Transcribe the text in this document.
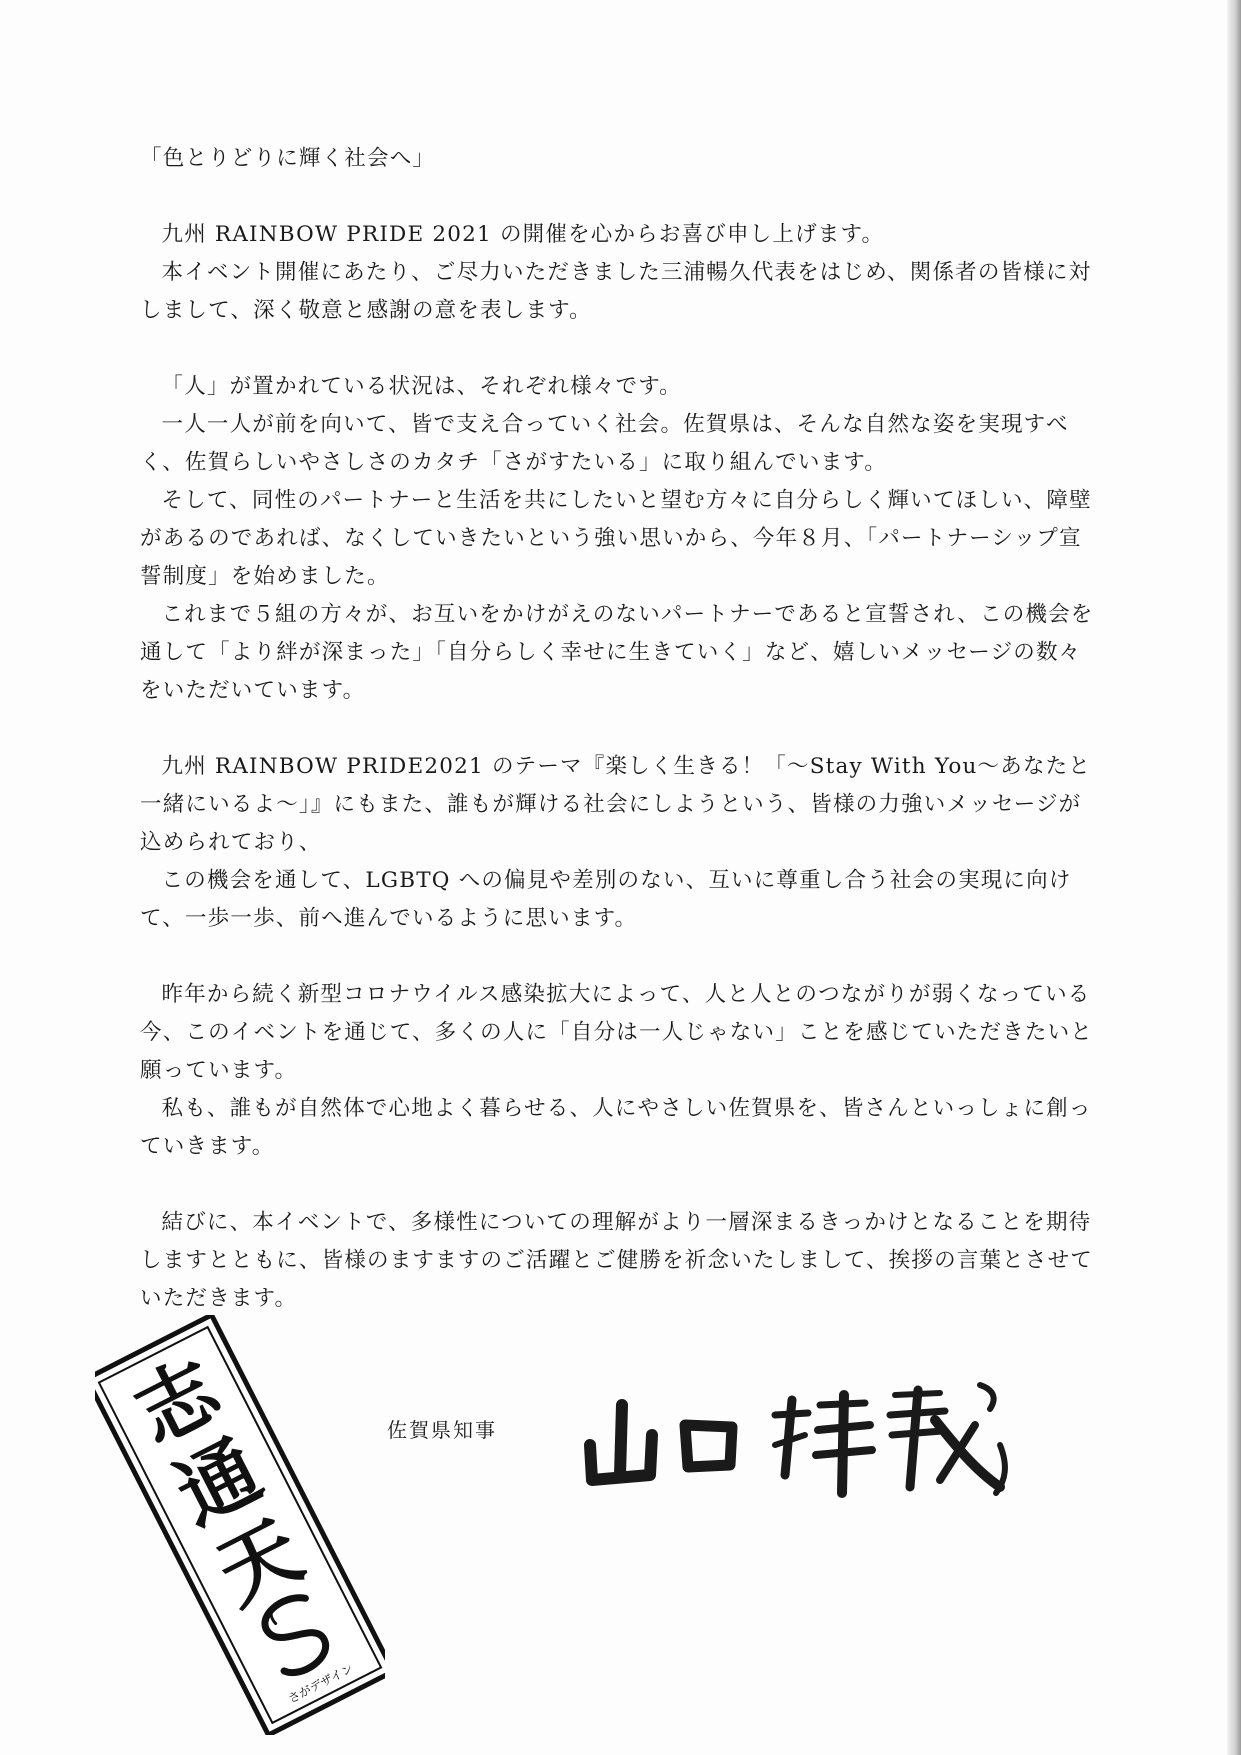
「色とりどりに輝く社会へ」

九州 RAINBOW PRIDE 2021 の開催を心からお喜び申し上げます。

本イベント開催にあたり、ご尽力いただきました三浦暢久代表をはじめ、関係者の皆様に対しまして、深く敬意と感謝の意を表します。

「人」が置かれている状況は、それぞれ様々です。

一人一人が前を向いて、皆で支え合っていく社会。佐賀県は、そんな自然な姿を実現すべく、佐賀らしいやさしさのカタチ「さがすたいる」に取り組んでいます。

そして、同性のパートナーと生活を共にしたいと望む方々に自分らしく輝いてほしい、障壁があるのであれば、なくしていきたいという強い思いから、今年８月、「パートナーシップ宣誓制度」を始めました。

これまで５組の方々が、お互いをかけがえのないパートナーであると宣誓され、この機会を通して「より絆が深まった」「自分らしく幸せに生きていく」など、嬉しいメッセージの数々をいただいています。

九州 RAINBOW PRIDE2021 のテーマ『楽しく生きる！「〜Stay With You〜あなたと一緒にいるよ〜」』にもまた、誰もが輝ける社会にしようという、皆様の力強いメッセージが込められており、

この機会を通して、LGBTQ への偏見や差別のない、互いに尊重し合う社会の実現に向けて、一歩一歩、前へ進んでいるように思います。

昨年から続く新型コロナウイルス感染拡大によって、人と人とのつながりが弱くなっている今、このイベントを通じて、多くの人に「自分は一人じゃない」ことを感じていただきたいと願っています。

私も、誰もが自然体で心地よく暮らせる、人にやさしい佐賀県を、皆さんといっしょに創っていきます。

結びに、本イベントで、多様性についての理解がより一層深まるきっかけとなることを期待しますとともに、皆様のますますのご活躍とご健勝を祈念いたしまして、挨拶の言葉とさせていただきます。

志
通
天
さがデザイン
佐賀県知事
